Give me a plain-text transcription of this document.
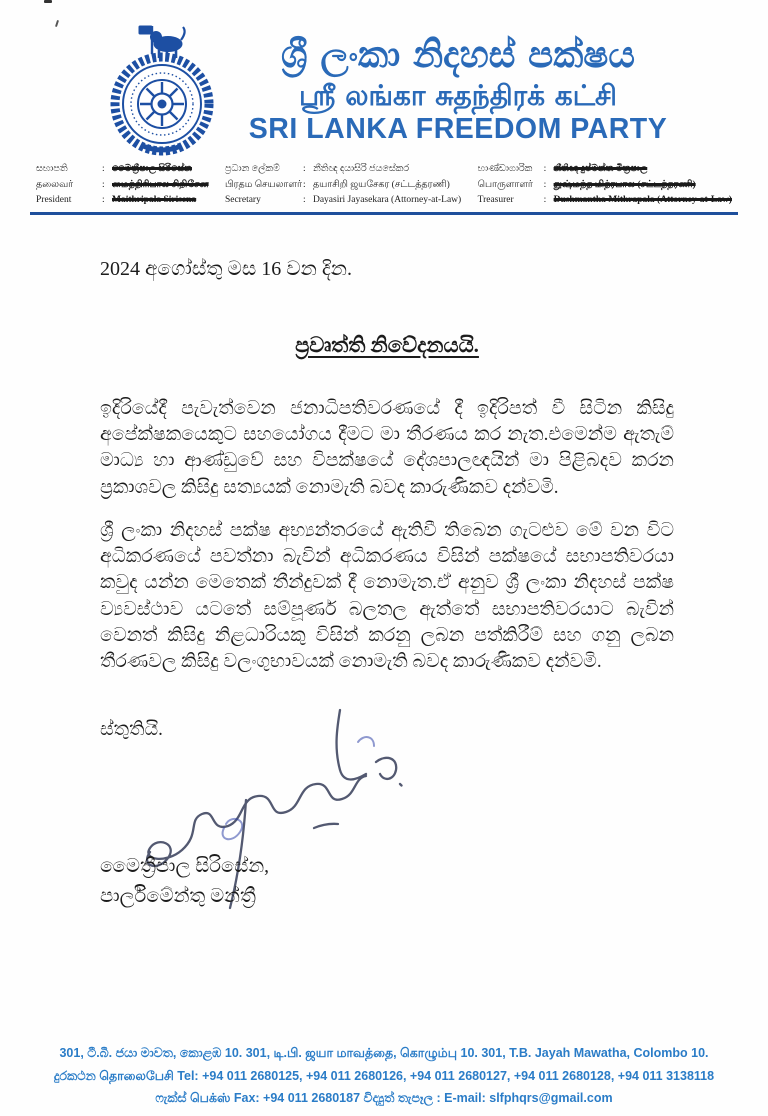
ශ්‍රී ලංකා නිදහස් පක්ෂය
ஸ்ரீ லங்கா சுதந்திரக் கட்சி
SRI LANKA FREEDOM PARTY
සභාපති	: මෛත්‍රීපාල සිරිසේන
தலைவர்	: மைத்திரிபால சிறிசேன
President	: Maithripala Sirisena
ප්‍රධාන ලේකම්	: නීතිඥ දයාසිරි ජයසේකර
பிரதம செயலாளர் : தயாசிறி ஜயசேகர (சட்டத்தரணி)
Secretary	: Dayasiri Jayasekara (Attorney-at-Law)
භාණ්ඩාගාරික	: නීතිඥ දුෂ්මන්ත මිත්‍රපාල
பொருளாளர்	: துஷ்மந்த மித்ரபால (சட்டத்தரணி)
Treasurer	: Dushmantha Mithrapala (Attorney-at-Law)
2024 අගෝස්තු මස 16 වන දින.
ප්‍රවෘත්ති නිවේදනයයි.
ඉදිරියේදී පැවැත්වෙන ජනාධිපතිවරණයේ දී ඉදිරිපත් වී සිටින කිසිදු අපේක්ෂකයෙකුට සහයෝගය දීමට මා තීරණය කර නැත.එමෙන්ම ඇතැම් මාධ්‍ය හා ආණ්ඩුවේ සහ විපක්ෂයේ දේශපාලඥයින් මා පිළිබදව කරන ප්‍රකාශවල කිසිදු සත්‍යයක් නොමැති බවද කාරුණිකව දන්වමි.
ශ්‍රී ලංකා නිදහස් පක්ෂ අභ්‍යන්තරයේ ඇතිවී තිබෙන ගැටළුව මේ වන විට අධිකරණයේ පවත්නා බැවින් අධිකරණය විසින් පක්ෂයේ සභාපතිවරයා කවුද යන්න මෙතෙක් තීන්දුවක් දී නොමැත.ඒ අනුව ශ්‍රී ලංකා නිදහස් පක්ෂ ව්‍යවස්ථාව යටතේ සම්පූර්ණ බලතල ඇත්තේ සභාපතිවරයාට බැවින් වෙනත් කිසිදු නිළධාරියකු විසින් කරනු ලබන පත්කිරීම් සහ ගනු ලබන තීරණවල කිසිදු වලංගුභාවයක් නොමැති බවද කාරුණිකව දන්වමි.
ස්තුතියි.
මෛත්‍රීපාල සිරිසේන,
පාර්ලිමේන්තු මන්ත්‍රී
301, ටී.බී. ජයා මාවත, කොළඹ 10. 301, டி.பி. ஜயா மாவத்தை, கொழும்பு 10. 301, T.B. Jayah Mawatha, Colombo 10.
දුරකථන தொலைபேசி Tel: +94 011 2680125, +94 011 2680126, +94 011 2680127, +94 011 2680128, +94 011 3138118
ෆැක්ස් பெக்ஸ் Fax: +94 011 2680187 විද්‍යුත් තැපෑල : E-mail: slfphqrs@gmail.com
